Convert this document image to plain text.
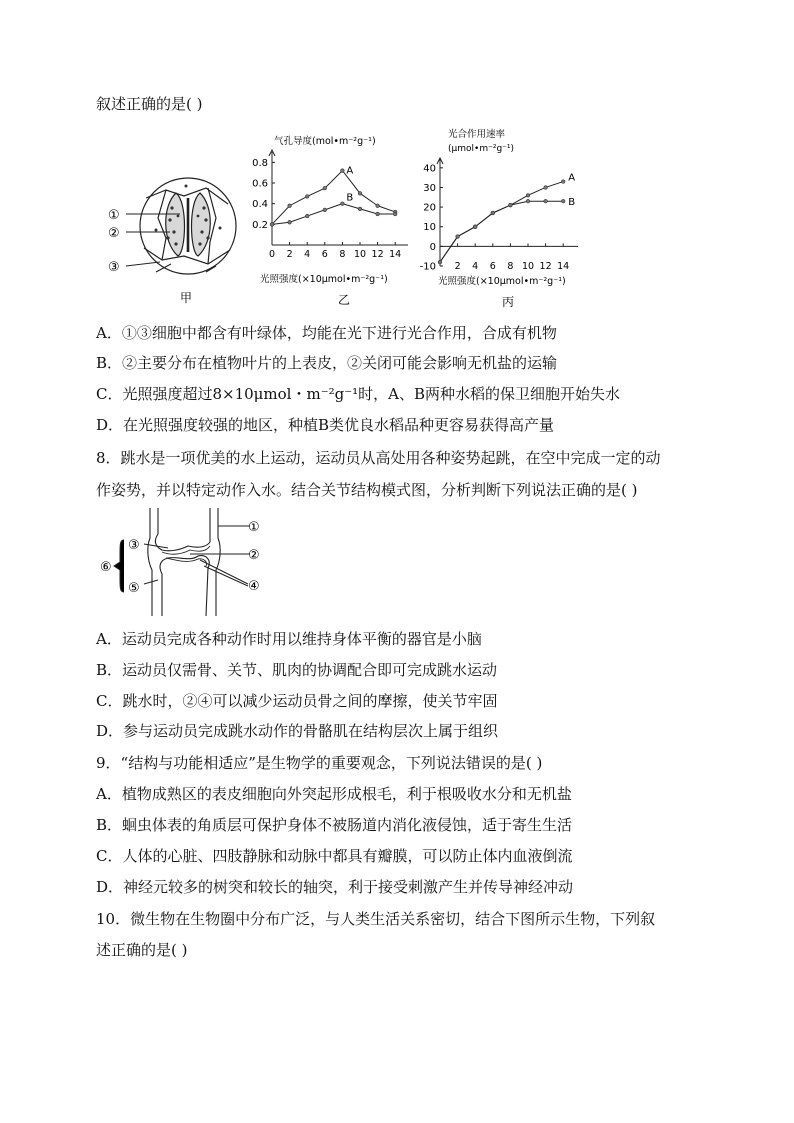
叙述正确的是( )
①
②
③
甲
气孔导度(mol•m⁻²g⁻¹)
0.2
0.4
0.6
0.8
0 2 4 6 8 10 12 14
A
B
光照强度(×10μmol•m⁻²g⁻¹)
乙
光合作用速率
(μmol•m⁻²g⁻¹)
-10
0
10
20
30
40
2 4 6 8 10 12 14
A
B
光照强度(×10μmol•m⁻²g⁻¹)
丙
A．①③细胞中都含有叶绿体，均能在光下进行光合作用，合成有机物
B．②主要分布在植物叶片的上表皮，②关闭可能会影响无机盐的运输
C．光照强度超过8×10μmol・m⁻²g⁻¹时，A、B两种水稻的保卫细胞开始失水
D．在光照强度较强的地区，种植B类优良水稻品种更容易获得高产量
8．跳水是一项优美的水上运动，运动员从高处用各种姿势起跳，在空中完成一定的动
作姿势，并以特定动作入水。结合关节结构模式图，分析判断下列说法正确的是( )
①
②
③
④
⑤
⑥
A．运动员完成各种动作时用以维持身体平衡的器官是小脑
B．运动员仅需骨、关节、肌肉的协调配合即可完成跳水运动
C．跳水时，②④可以减少运动员骨之间的摩擦，使关节牢固
D．参与运动员完成跳水动作的骨骼肌在结构层次上属于组织
9．“结构与功能相适应”是生物学的重要观念，下列说法错误的是( )
A．植物成熟区的表皮细胞向外突起形成根毛，利于根吸收水分和无机盐
B．蛔虫体表的角质层可保护身体不被肠道内消化液侵蚀，适于寄生生活
C．人体的心脏、四肢静脉和动脉中都具有瓣膜，可以防止体内血液倒流
D．神经元较多的树突和较长的轴突，利于接受刺激产生并传导神经冲动
10．微生物在生物圈中分布广泛，与人类生活关系密切，结合下图所示生物，下列叙
述正确的是( )
